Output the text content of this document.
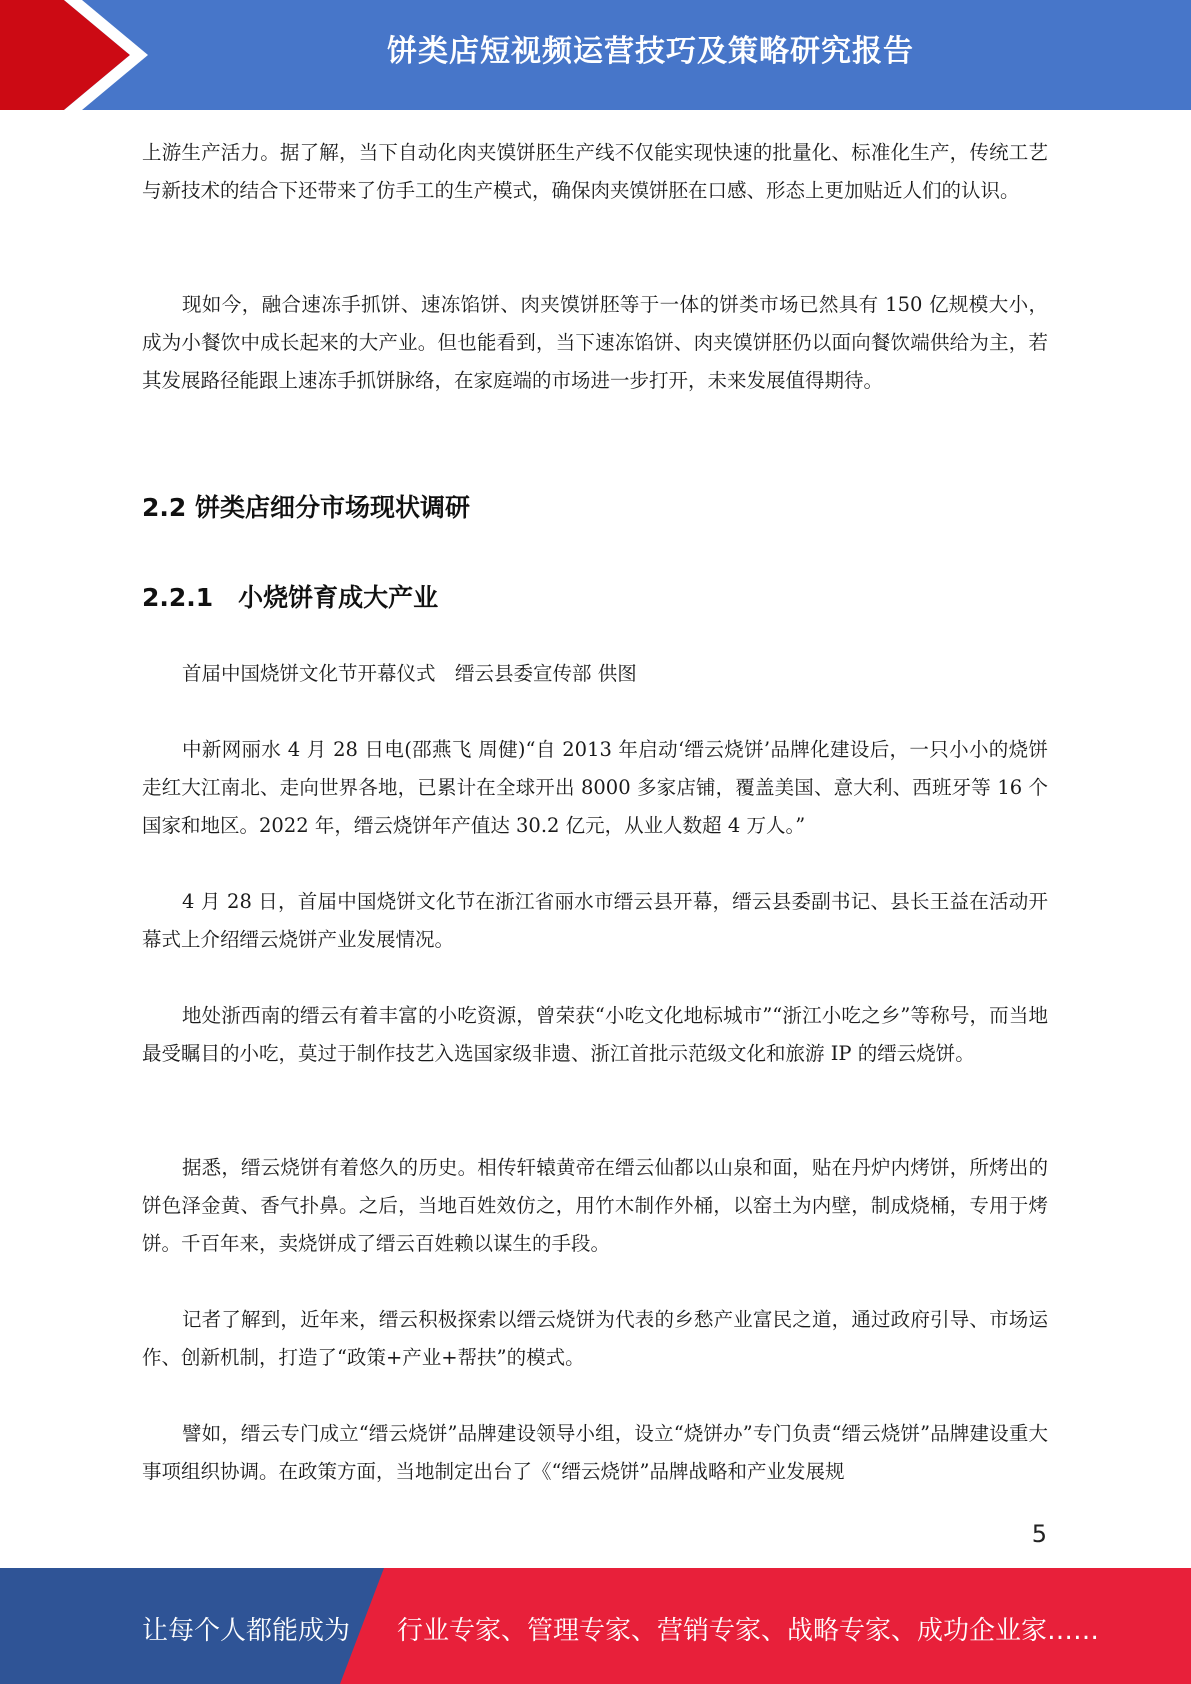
饼类店短视频运营技巧及策略研究报告

上游生产活力。据了解，当下自动化肉夹馍饼胚生产线不仅能实现快速的批量化、标准化生产，传统工艺与新技术的结合下还带来了仿手工的生产模式，确保肉夹馍饼胚在口感、形态上更加贴近人们的认识。

现如今，融合速冻手抓饼、速冻馅饼、肉夹馍饼胚等于一体的饼类市场已然具有 150 亿规模大小，成为小餐饮中成长起来的大产业。但也能看到，当下速冻馅饼、肉夹馍饼胚仍以面向餐饮端供给为主，若其发展路径能跟上速冻手抓饼脉络，在家庭端的市场进一步打开，未来发展值得期待。

2.2 饼类店细分市场现状调研
2.2.1　小烧饼育成大产业

首届中国烧饼文化节开幕仪式　缙云县委宣传部 供图

中新网丽水 4 月 28 日电(邵燕飞 周健)“自 2013 年启动‘缙云烧饼’品牌化建设后，一只小小的烧饼走红大江南北、走向世界各地，已累计在全球开出 8000 多家店铺，覆盖美国、意大利、西班牙等 16 个国家和地区。2022 年，缙云烧饼年产值达 30.2 亿元，从业人数超 4 万人。”

4 月 28 日，首届中国烧饼文化节在浙江省丽水市缙云县开幕，缙云县委副书记、县长王益在活动开幕式上介绍缙云烧饼产业发展情况。

地处浙西南的缙云有着丰富的小吃资源，曾荣获“小吃文化地标城市”“浙江小吃之乡”等称号，而当地最受瞩目的小吃，莫过于制作技艺入选国家级非遗、浙江首批示范级文化和旅游 IP 的缙云烧饼。

据悉，缙云烧饼有着悠久的历史。相传轩辕黄帝在缙云仙都以山泉和面，贴在丹炉内烤饼，所烤出的饼色泽金黄、香气扑鼻。之后，当地百姓效仿之，用竹木制作外桶，以窑土为内壁，制成烧桶，专用于烤饼。千百年来，卖烧饼成了缙云百姓赖以谋生的手段。

记者了解到，近年来，缙云积极探索以缙云烧饼为代表的乡愁产业富民之道，通过政府引导、市场运作、创新机制，打造了“政策+产业+帮扶”的模式。

譬如，缙云专门成立“缙云烧饼”品牌建设领导小组，设立“烧饼办”专门负责“缙云烧饼”品牌建设重大事项组织协调。在政策方面，当地制定出台了《“缙云烧饼”品牌战略和产业发展规

5
让每个人都能成为 行业专家、管理专家、营销专家、战略专家、成功企业家……
